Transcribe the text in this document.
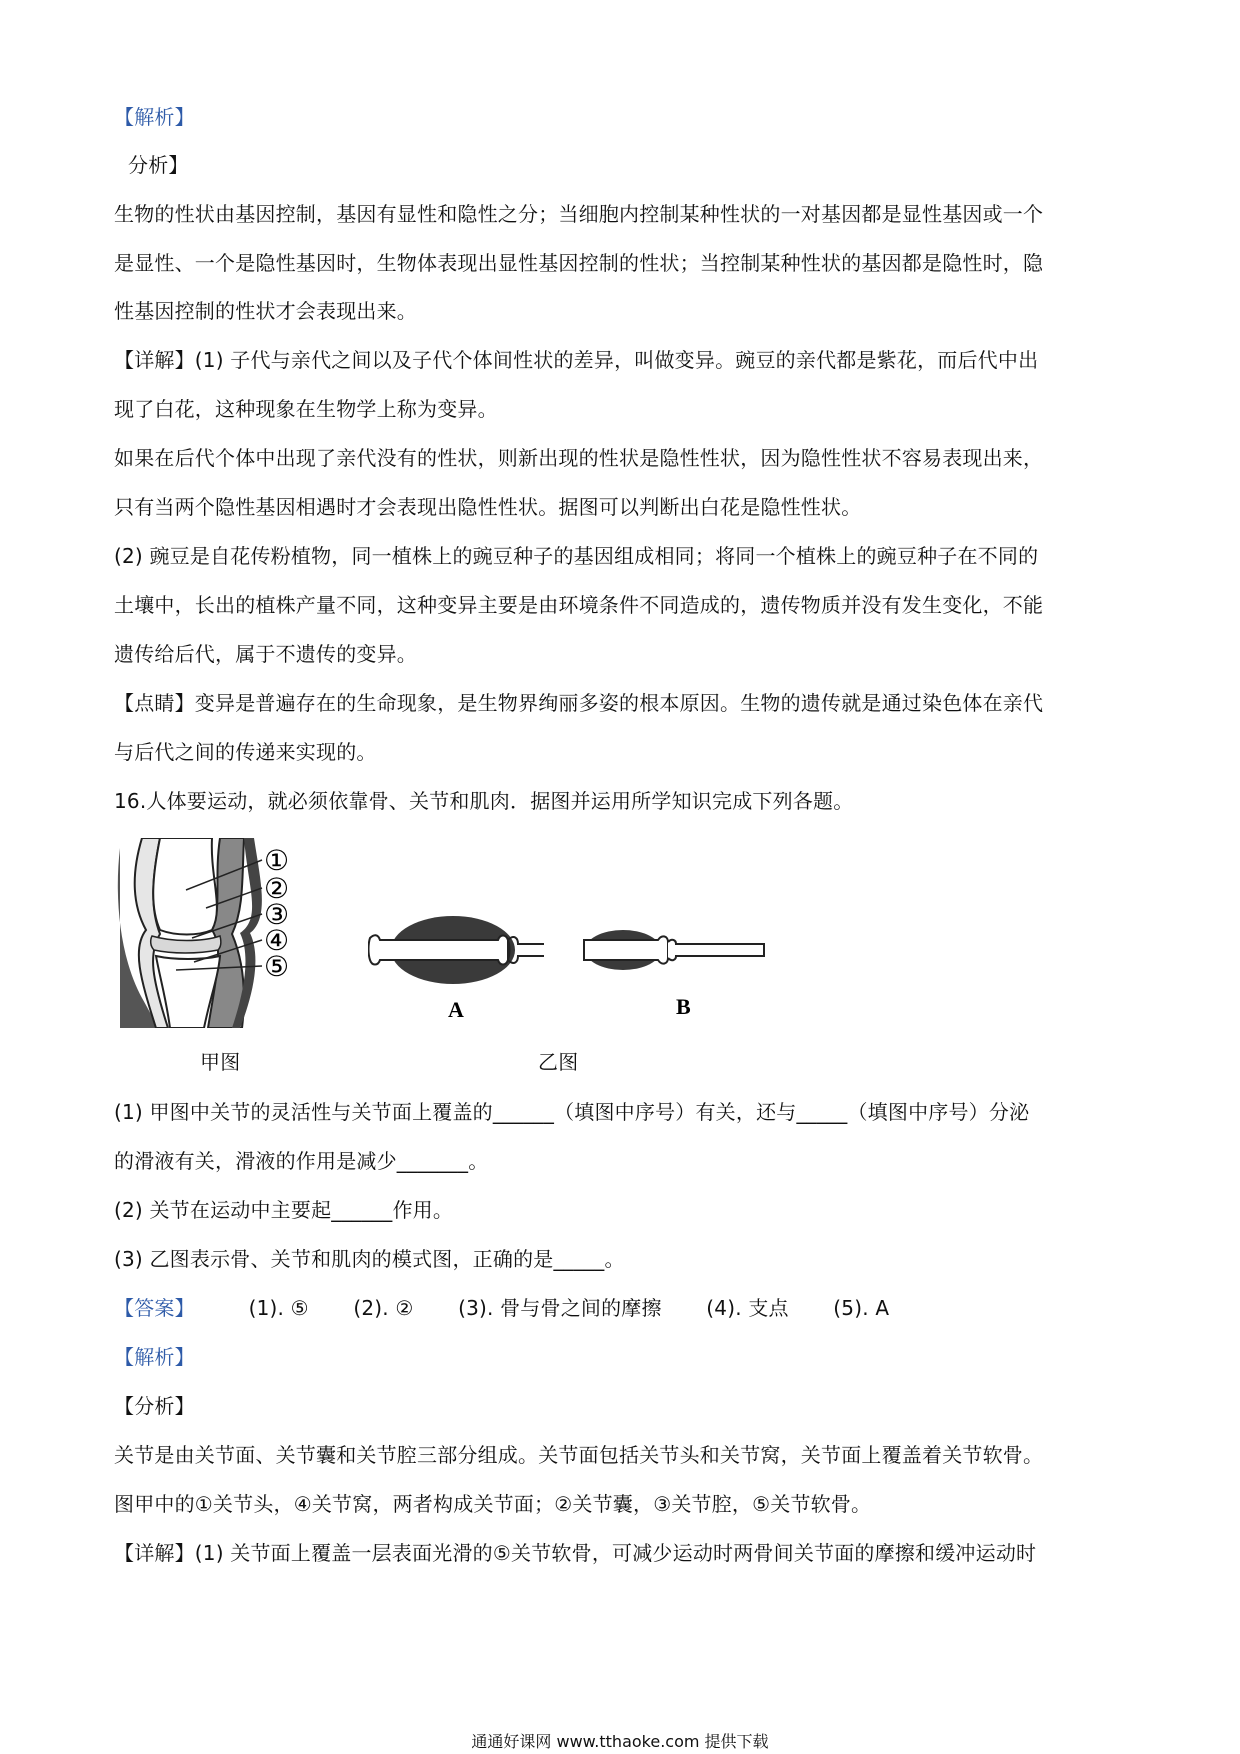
【解析】
分析】
生物的性状由基因控制，基因有显性和隐性之分；当细胞内控制某种性状的一对基因都是显性基因或一个
是显性、一个是隐性基因时，生物体表现出显性基因控制的性状；当控制某种性状的基因都是隐性时，隐
性基因控制的性状才会表现出来。
【详解】(1) 子代与亲代之间以及子代个体间性状的差异，叫做变异。豌豆的亲代都是紫花，而后代中出
现了白花，这种现象在生物学上称为变异。
如果在后代个体中出现了亲代没有的性状，则新出现的性状是隐性性状，因为隐性性状不容易表现出来，
只有当两个隐性基因相遇时才会表现出隐性性状。据图可以判断出白花是隐性性状。
(2) 豌豆是自花传粉植物，同一植株上的豌豆种子的基因组成相同；将同一个植株上的豌豆种子在不同的
土壤中，长出的植株产量不同，这种变异主要是由环境条件不同造成的，遗传物质并没有发生变化，不能
遗传给后代，属于不遗传的变异。
【点睛】变异是普遍存在的生命现象，是生物界绚丽多姿的根本原因。生物的遗传就是通过染色体在亲代
与后代之间的传递来实现的。
16.人体要运动，就必须依靠骨、关节和肌肉．据图并运用所学知识完成下列各题。
①
②
③
④
⑤
甲图
A	B
乙图
(1) 甲图中关节的灵活性与关节面上覆盖的______（填图中序号）有关，还与_____（填图中序号）分泌
的滑液有关，滑液的作用是减少_______。
(2) 关节在运动中主要起______作用。
(3) 乙图表示骨、关节和肌肉的模式图，正确的是_____。
【答案】	(1). ⑤ (2). ② (3). 骨与骨之间的摩擦 (4). 支点 (5). A
【解析】
【分析】
关节是由关节面、关节囊和关节腔三部分组成。关节面包括关节头和关节窝，关节面上覆盖着关节软骨。
图甲中的①关节头，④关节窝，两者构成关节面；②关节囊，③关节腔，⑤关节软骨。
【详解】(1) 关节面上覆盖一层表面光滑的⑤关节软骨，可减少运动时两骨间关节面的摩擦和缓冲运动时
通通好课网 www.tthaoke.com 提供下载
